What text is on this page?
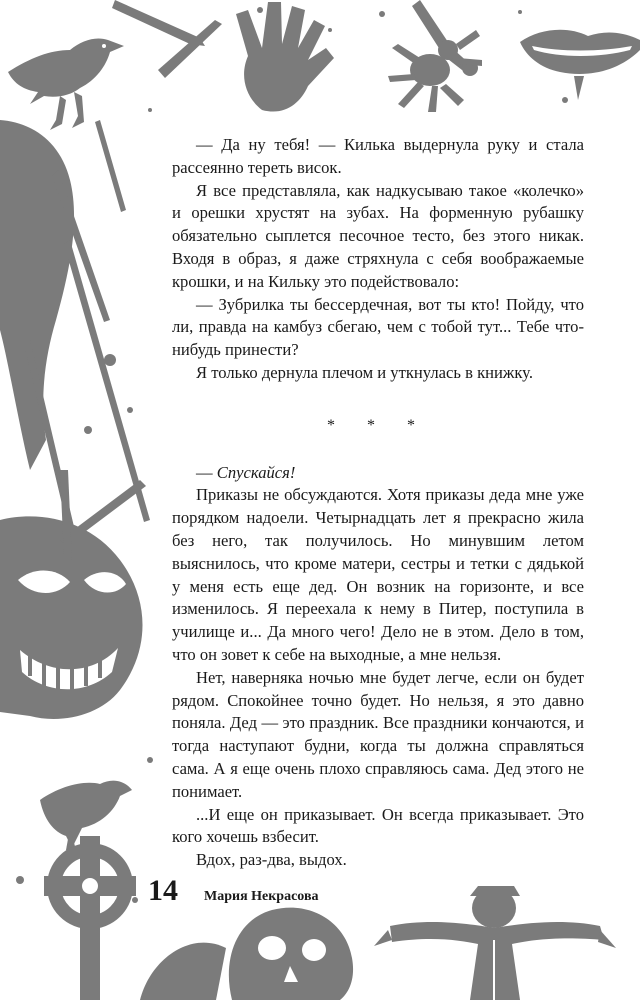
— Да ну тебя! — Килька выдернула руку и стала рассеянно тереть висок.

Я все представляла, как надкусываю такое «колечко» и орешки хрустят на зубах. На форменную рубашку обязательно сыплется песочное тесто, без этого никак. Входя в образ, я даже стряхнула с себя воображаемые крошки, и на Кильку это подействовало:

— Зубрилка ты бессердечная, вот ты кто! Пойду, что ли, правда на камбуз сбегаю, чем с тобой тут... Тебе что-нибудь принести?

Я только дернула плечом и уткнулась в книжку.

* * *

— Спускайся!

Приказы не обсуждаются. Хотя приказы деда мне уже порядком надоели. Четырнадцать лет я прекрасно жила без него, так получилось. Но минувшим летом выяснилось, что кроме матери, сестры и тетки с дядькой у меня есть еще дед. Он возник на горизонте, и все изменилось. Я переехала к нему в Питер, поступила в училище и... Да много чего! Дело не в этом. Дело в том, что он зовет к себе на выходные, а мне нельзя.

Нет, наверняка ночью мне будет легче, если он будет рядом. Спокойнее точно будет. Но нельзя, я это давно поняла. Дед — это праздник. Все праздники кончаются, и тогда наступают будни, когда ты должна справляться сама. А я еще очень плохо справляюсь сама. Дед этого не понимает.

...И еще он приказывает. Он всегда приказывает. Это кого хочешь взбесит.

Вдох, раз-два, выдох.

14 Мария Некрасова
